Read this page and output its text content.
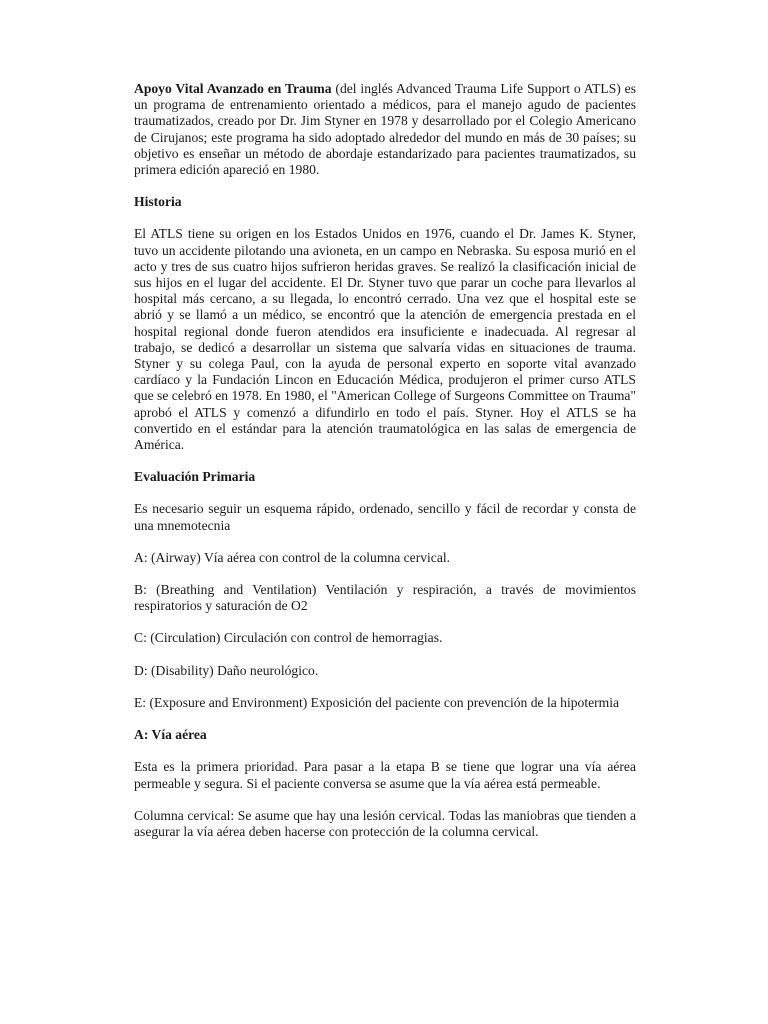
Apoyo Vital Avanzado en Trauma (del inglés Advanced Trauma Life Support o ATLS) es un programa de entrenamiento orientado a médicos, para el manejo agudo de pacientes traumatizados, creado por Dr. Jim Styner en 1978 y desarrollado por el Colegio Americano de Cirujanos; este programa ha sido adoptado alrededor del mundo en más de 30 países; su objetivo es enseñar un método de abordaje estandarizado para pacientes traumatizados, su primera edición apareció en 1980.

Historia

El ATLS tiene su origen en los Estados Unidos en 1976, cuando el Dr. James K. Styner, tuvo un accidente pilotando una avioneta, en un campo en Nebraska. Su esposa murió en el acto y tres de sus cuatro hijos sufrieron heridas graves. Se realizó la clasificación inicial de sus hijos en el lugar del accidente. El Dr. Styner tuvo que parar un coche para llevarlos al hospital más cercano, a su llegada, lo encontró cerrado. Una vez que el hospital este se abrió y se llamó a un médico, se encontró que la atención de emergencia prestada en el hospital regional donde fueron atendidos era insuficiente e inadecuada. Al regresar al trabajo, se dedicó a desarrollar un sistema que salvaría vidas en situaciones de trauma. Styner y su colega Paul, con la ayuda de personal experto en soporte vital avanzado cardíaco y la Fundación Lincon en Educación Médica, produjeron el primer curso ATLS que se celebró en 1978. En 1980, el "American College of Surgeons Committee on Trauma" aprobó el ATLS y comenzó a difundirlo en todo el país. Styner. Hoy el ATLS se ha convertido en el estándar para la atención traumatológica en las salas de emergencia de América.

Evaluación Primaria

Es necesario seguir un esquema rápido, ordenado, sencillo y fácil de recordar y consta de una mnemotecnia

A: (Airway) Vía aérea con control de la columna cervical.

B: (Breathing and Ventilation) Ventilación y respiración, a través de movimientos respiratorios y saturación de O2

C: (Circulation) Circulación con control de hemorragias.

D: (Disability) Daño neurológico.

E: (Exposure and Environment) Exposición del paciente con prevención de la hipotermia

A: Vía aérea

Esta es la primera prioridad. Para pasar a la etapa B se tiene que lograr una vía aérea permeable y segura. Si el paciente conversa se asume que la vía aérea está permeable.

Columna cervical: Se asume que hay una lesión cervical. Todas las maniobras que tienden a asegurar la vía aérea deben hacerse con protección de la columna cervical.
